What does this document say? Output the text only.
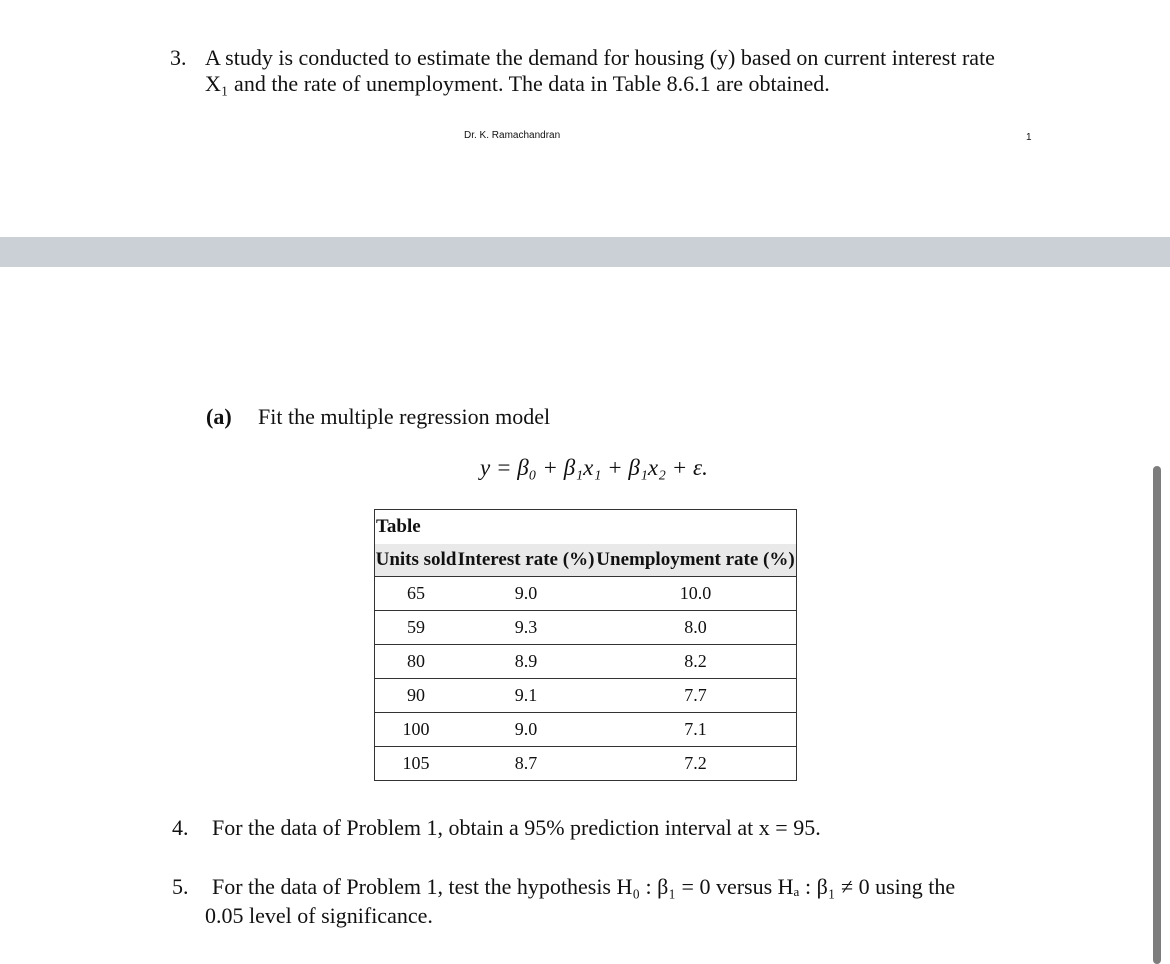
3. A study is conducted to estimate the demand for housing (y) based on current interest rate
X₁ and the rate of unemployment. The data in Table 8.6.1 are obtained.
Dr. K. Ramachandran	1
(a) Fit the multiple regression model
y = β₀ + β₁x₁ + β₁x₂ + ε.
Table		
Units sold	Interest rate (%)	Unemployment rate (%)
65	9.0	10.0
59	9.3	8.0
80	8.9	8.2
90	9.1	7.7
100	9.0	7.1
105	8.7	7.2
4. For the data of Problem 1, obtain a 95% prediction interval at x = 95.
5. For the data of Problem 1, test the hypothesis H₀ : β₁ = 0 versus Hₐ : β₁ ≠ 0 using the
0.05 level of significance.
